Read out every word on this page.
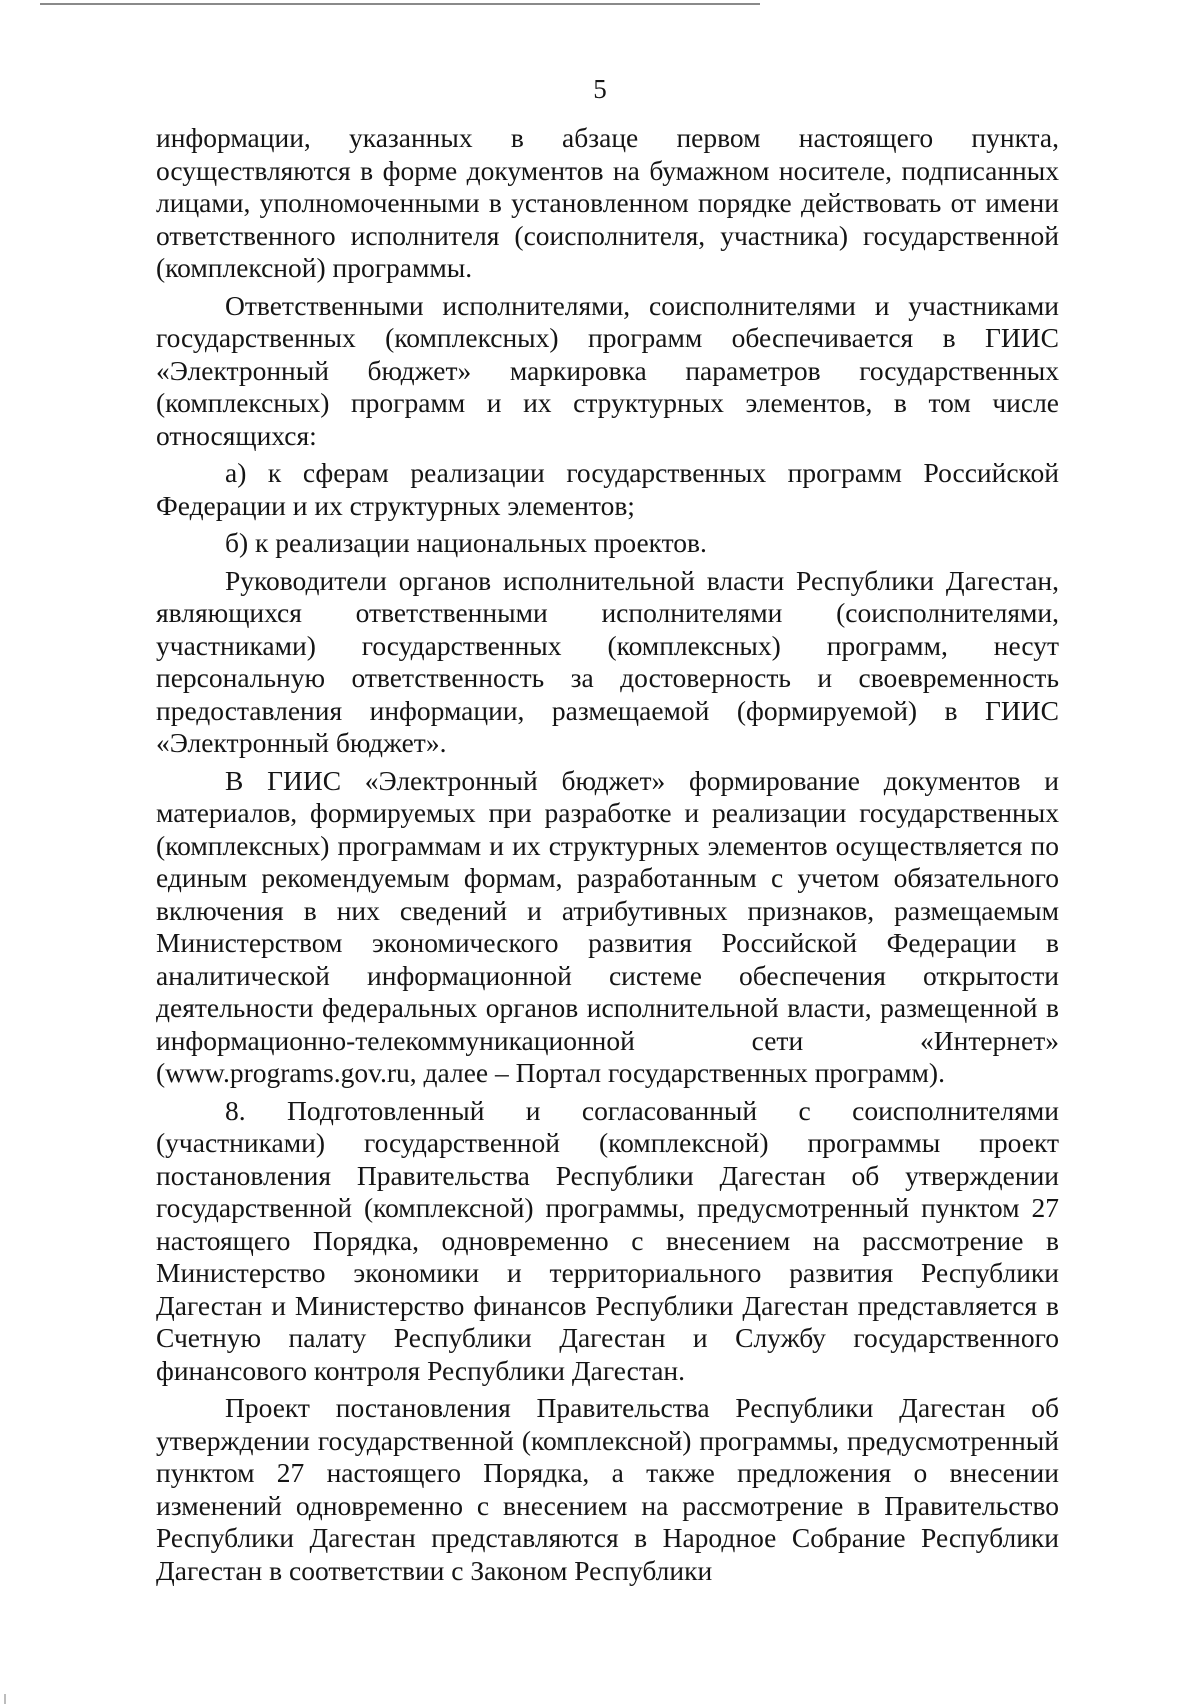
5

информации, указанных в абзаце первом настоящего пункта, осуществляются в форме документов на бумажном носителе, подписанных лицами, уполномоченными в установленном порядке действовать от имени ответственного исполнителя (соисполнителя, участника) государственной (комплексной) программы.

Ответственными исполнителями, соисполнителями и участниками государственных (комплексных) программ обеспечивается в ГИИС «Электронный бюджет» маркировка параметров государственных (комплексных) программ и их структурных элементов, в том числе относящихся:

а) к сферам реализации государственных программ Российской Федерации и их структурных элементов;

б) к реализации национальных проектов.

Руководители органов исполнительной власти Республики Дагестан, являющихся ответственными исполнителями (соисполнителями, участниками) государственных (комплексных) программ, несут персональную ответственность за достоверность и своевременность предоставления информации, размещаемой (формируемой) в ГИИС «Электронный бюджет».

В ГИИС «Электронный бюджет» формирование документов и материалов, формируемых при разработке и реализации государственных (комплексных) программам и их структурных элементов осуществляется по единым рекомендуемым формам, разработанным с учетом обязательного включения в них сведений и атрибутивных признаков, размещаемым Министерством экономического развития Российской Федерации в аналитической информационной системе обеспечения открытости деятельности федеральных органов исполнительной власти, размещенной в информационно-телекоммуникационной сети «Интернет» (www.programs.gov.ru, далее – Портал государственных программ).

8. Подготовленный и согласованный с соисполнителями (участниками) государственной (комплексной) программы проект постановления Правительства Республики Дагестан об утверждении государственной (комплексной) программы, предусмотренный пунктом 27 настоящего Порядка, одновременно с внесением на рассмотрение в Министерство экономики и территориального развития Республики Дагестан и Министерство финансов Республики Дагестан представляется в Счетную палату Республики Дагестан и Службу государственного финансового контроля Республики Дагестан.

Проект постановления Правительства Республики Дагестан об утверждении государственной (комплексной) программы, предусмотренный пунктом 27 настоящего Порядка, а также предложения о внесении изменений одновременно с внесением на рассмотрение в Правительство Республики Дагестан представляются в Народное Собрание Республики Дагестан в соответствии с Законом Республики
